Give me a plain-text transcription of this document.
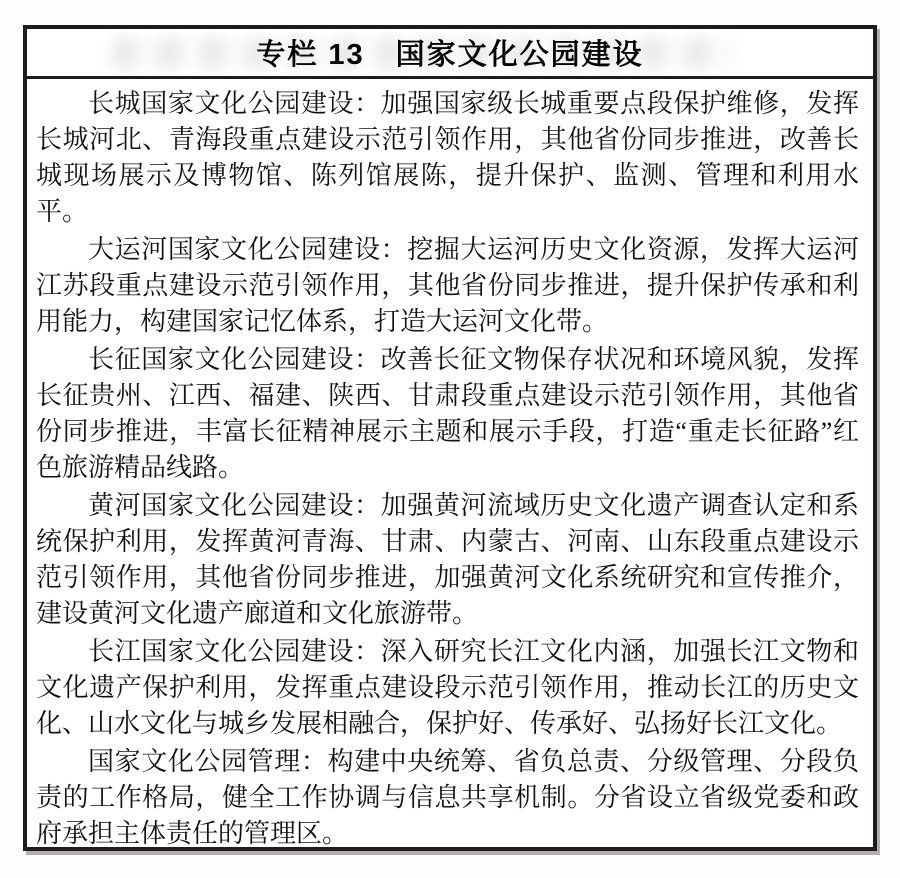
专栏 13　国家文化公园建设

长城国家文化公园建设：加强国家级长城重要点段保护维修，发挥长城河北、青海段重点建设示范引领作用，其他省份同步推进，改善长城现场展示及博物馆、陈列馆展陈，提升保护、监测、管理和利用水平。

大运河国家文化公园建设：挖掘大运河历史文化资源，发挥大运河江苏段重点建设示范引领作用，其他省份同步推进，提升保护传承和利用能力，构建国家记忆体系，打造大运河文化带。

长征国家文化公园建设：改善长征文物保存状况和环境风貌，发挥长征贵州、江西、福建、陕西、甘肃段重点建设示范引领作用，其他省份同步推进，丰富长征精神展示主题和展示手段，打造“重走长征路”红色旅游精品线路。

黄河国家文化公园建设：加强黄河流域历史文化遗产调查认定和系统保护利用，发挥黄河青海、甘肃、内蒙古、河南、山东段重点建设示范引领作用，其他省份同步推进，加强黄河文化系统研究和宣传推介，建设黄河文化遗产廊道和文化旅游带。

长江国家文化公园建设：深入研究长江文化内涵，加强长江文物和文化遗产保护利用，发挥重点建设段示范引领作用，推动长江的历史文化、山水文化与城乡发展相融合，保护好、传承好、弘扬好长江文化。

国家文化公园管理：构建中央统筹、省负总责、分级管理、分段负责的工作格局，健全工作协调与信息共享机制。分省设立省级党委和政府承担主体责任的管理区。
